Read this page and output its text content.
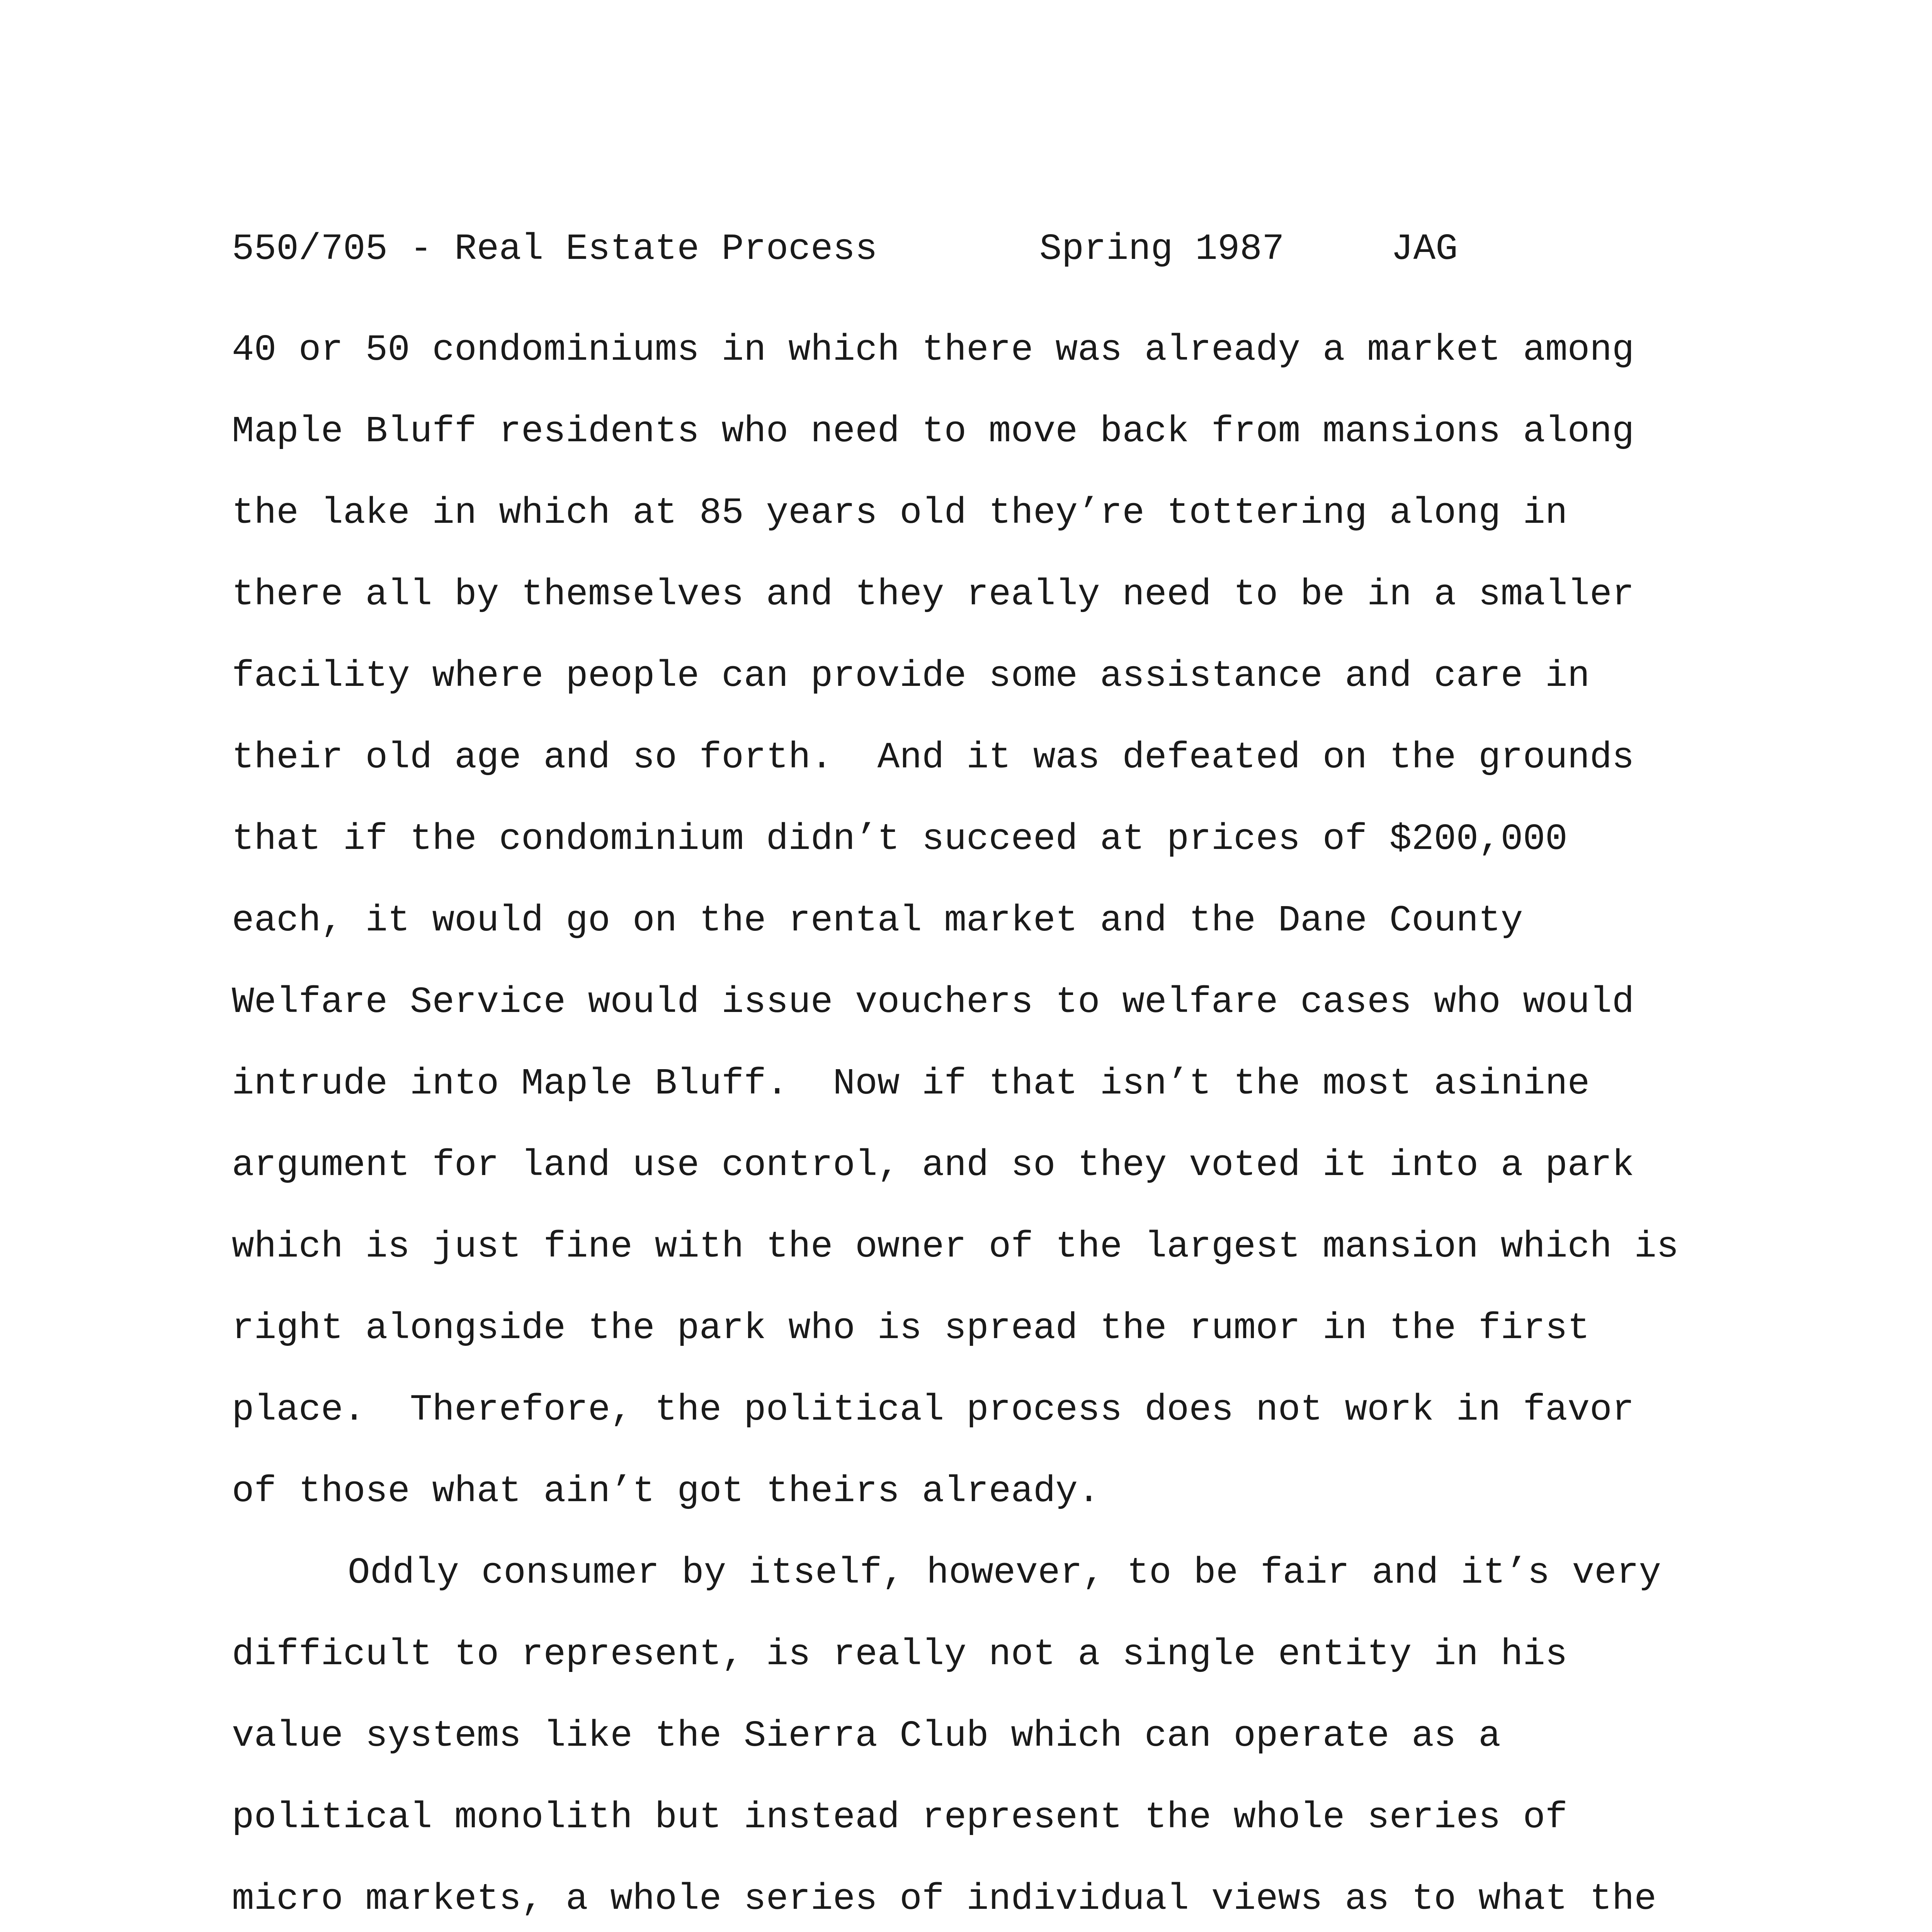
550/705 - Real Estate Process

	Spring 1987

	JAG

40 or 50 condominiums in which there was already a market among
Maple Bluff residents who need to move back from mansions along
the lake in which at 85 years old they’re tottering along in
there all by themselves and they really need to be in a smaller
facility where people can provide some assistance and care in
their old age and so forth.  And it was defeated on the grounds
that if the condominium didn’t succeed at prices of $200,000
each, it would go on the rental market and the Dane County
Welfare Service would issue vouchers to welfare cases who would
intrude into Maple Bluff.  Now if that isn’t the most asinine
argument for land use control, and so they voted it into a park
which is just fine with the owner of the largest mansion which is
right alongside the park who is spread the rumor in the first
place.  Therefore, the political process does not work in favor
of those what ain’t got theirs already.
Oddly consumer by itself, however, to be fair and it’s very
difficult to represent, is really not a single entity in his
value systems like the Sierra Club which can operate as a
political monolith but instead represent the whole series of
micro markets, a whole series of individual views as to what the
